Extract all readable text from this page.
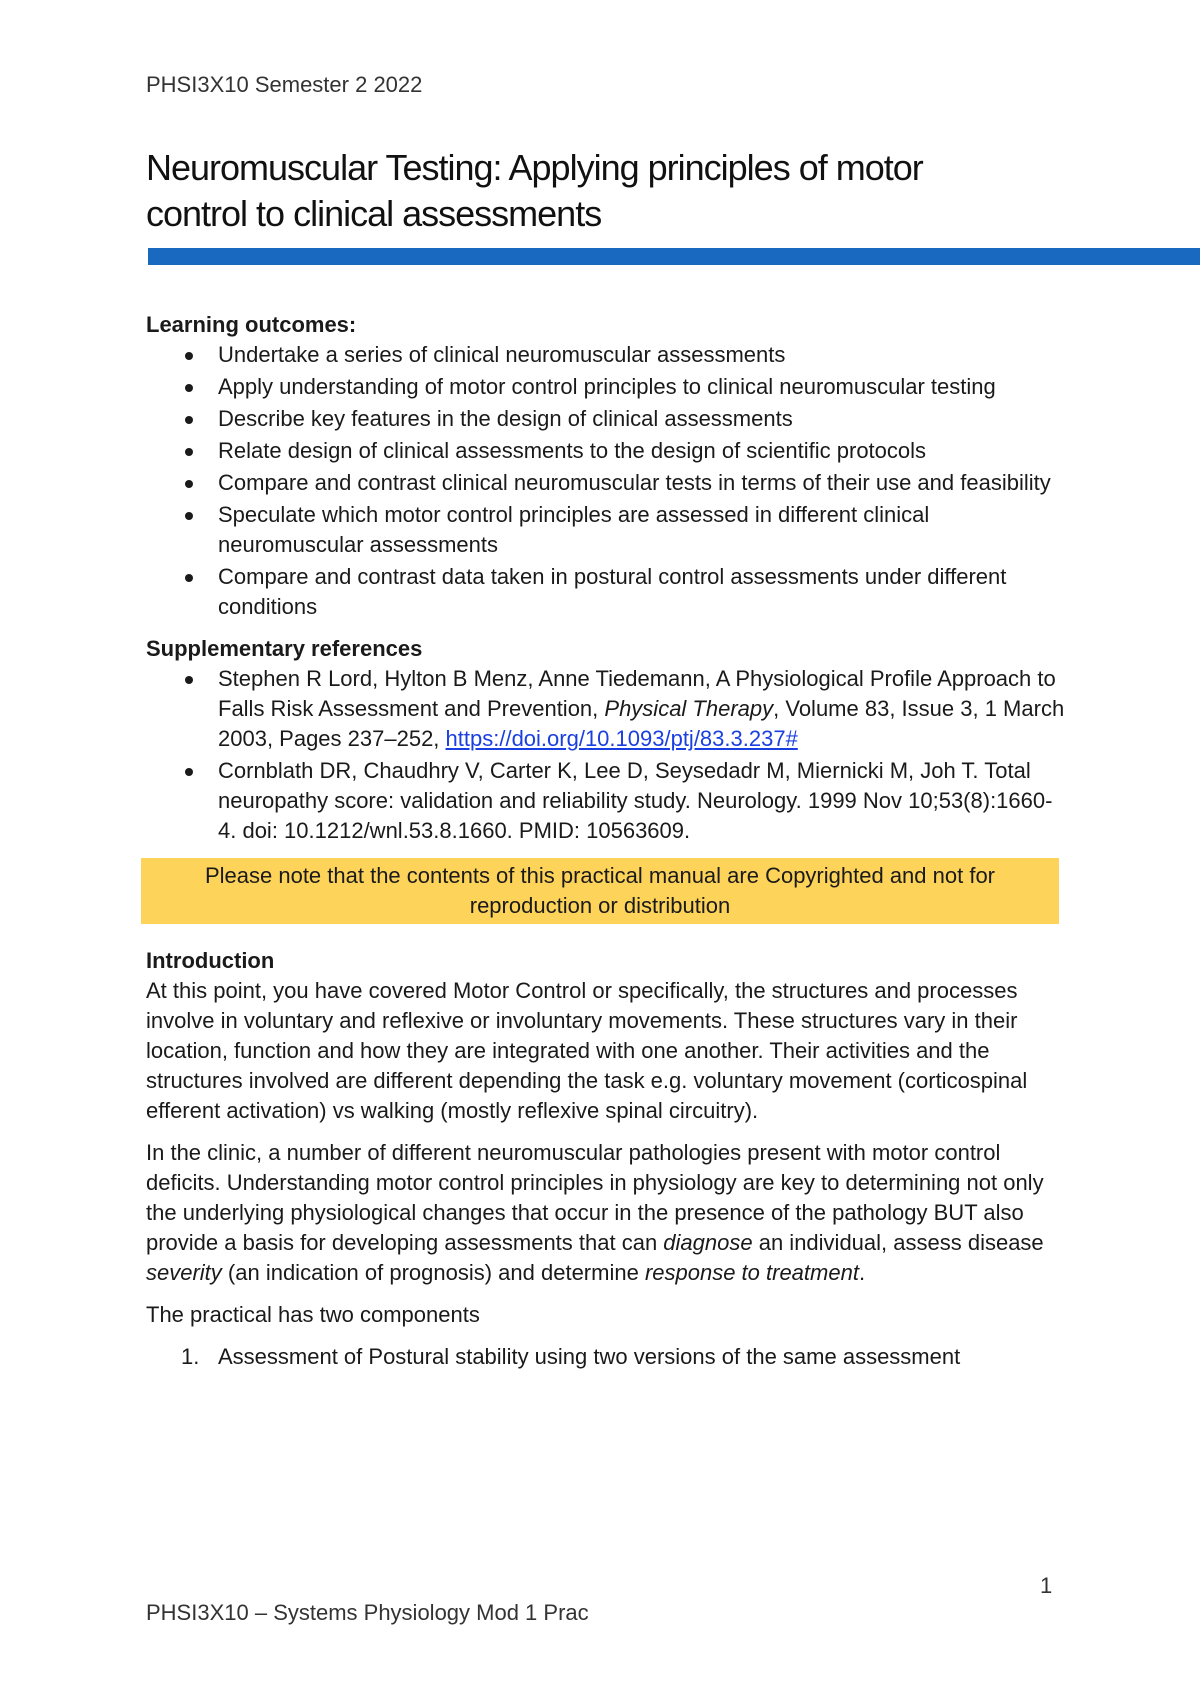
PHSI3X10 Semester 2 2022
Neuromuscular Testing: Applying principles of motor
control to clinical assessments
Learning outcomes:
Undertake a series of clinical neuromuscular assessments
Apply understanding of motor control principles to clinical neuromuscular testing
Describe key features in the design of clinical assessments
Relate design of clinical assessments to the design of scientific protocols
Compare and contrast clinical neuromuscular tests in terms of their use and feasibility
Speculate which motor control principles are assessed in different clinical neuromuscular assessments
Compare and contrast data taken in postural control assessments under different conditions
Supplementary references
Stephen R Lord, Hylton B Menz, Anne Tiedemann, A Physiological Profile Approach to Falls Risk Assessment and Prevention, Physical Therapy, Volume 83, Issue 3, 1 March 2003, Pages 237–252, https://doi.org/10.1093/ptj/83.3.237#
Cornblath DR, Chaudhry V, Carter K, Lee D, Seysedadr M, Miernicki M, Joh T. Total neuropathy score: validation and reliability study. Neurology. 1999 Nov 10;53(8):1660-4. doi: 10.1212/wnl.53.8.1660. PMID: 10563609.
Please note that the contents of this practical manual are Copyrighted and not for reproduction or distribution
Introduction

At this point, you have covered Motor Control or specifically, the structures and processes involve in voluntary and reflexive or involuntary movements. These structures vary in their location, function and how they are integrated with one another. Their activities and the structures involved are different depending the task e.g. voluntary movement (corticospinal efferent activation) vs walking (mostly reflexive spinal circuitry).

In the clinic, a number of different neuromuscular pathologies present with motor control deficits. Understanding motor control principles in physiology are key to determining not only the underlying physiological changes that occur in the presence of the pathology BUT also provide a basis for developing assessments that can diagnose an individual, assess disease severity (an indication of prognosis) and determine response to treatment.

The practical has two components

1. Assessment of Postural stability using two versions of the same assessment
1
PHSI3X10 – Systems Physiology Mod 1 Prac
